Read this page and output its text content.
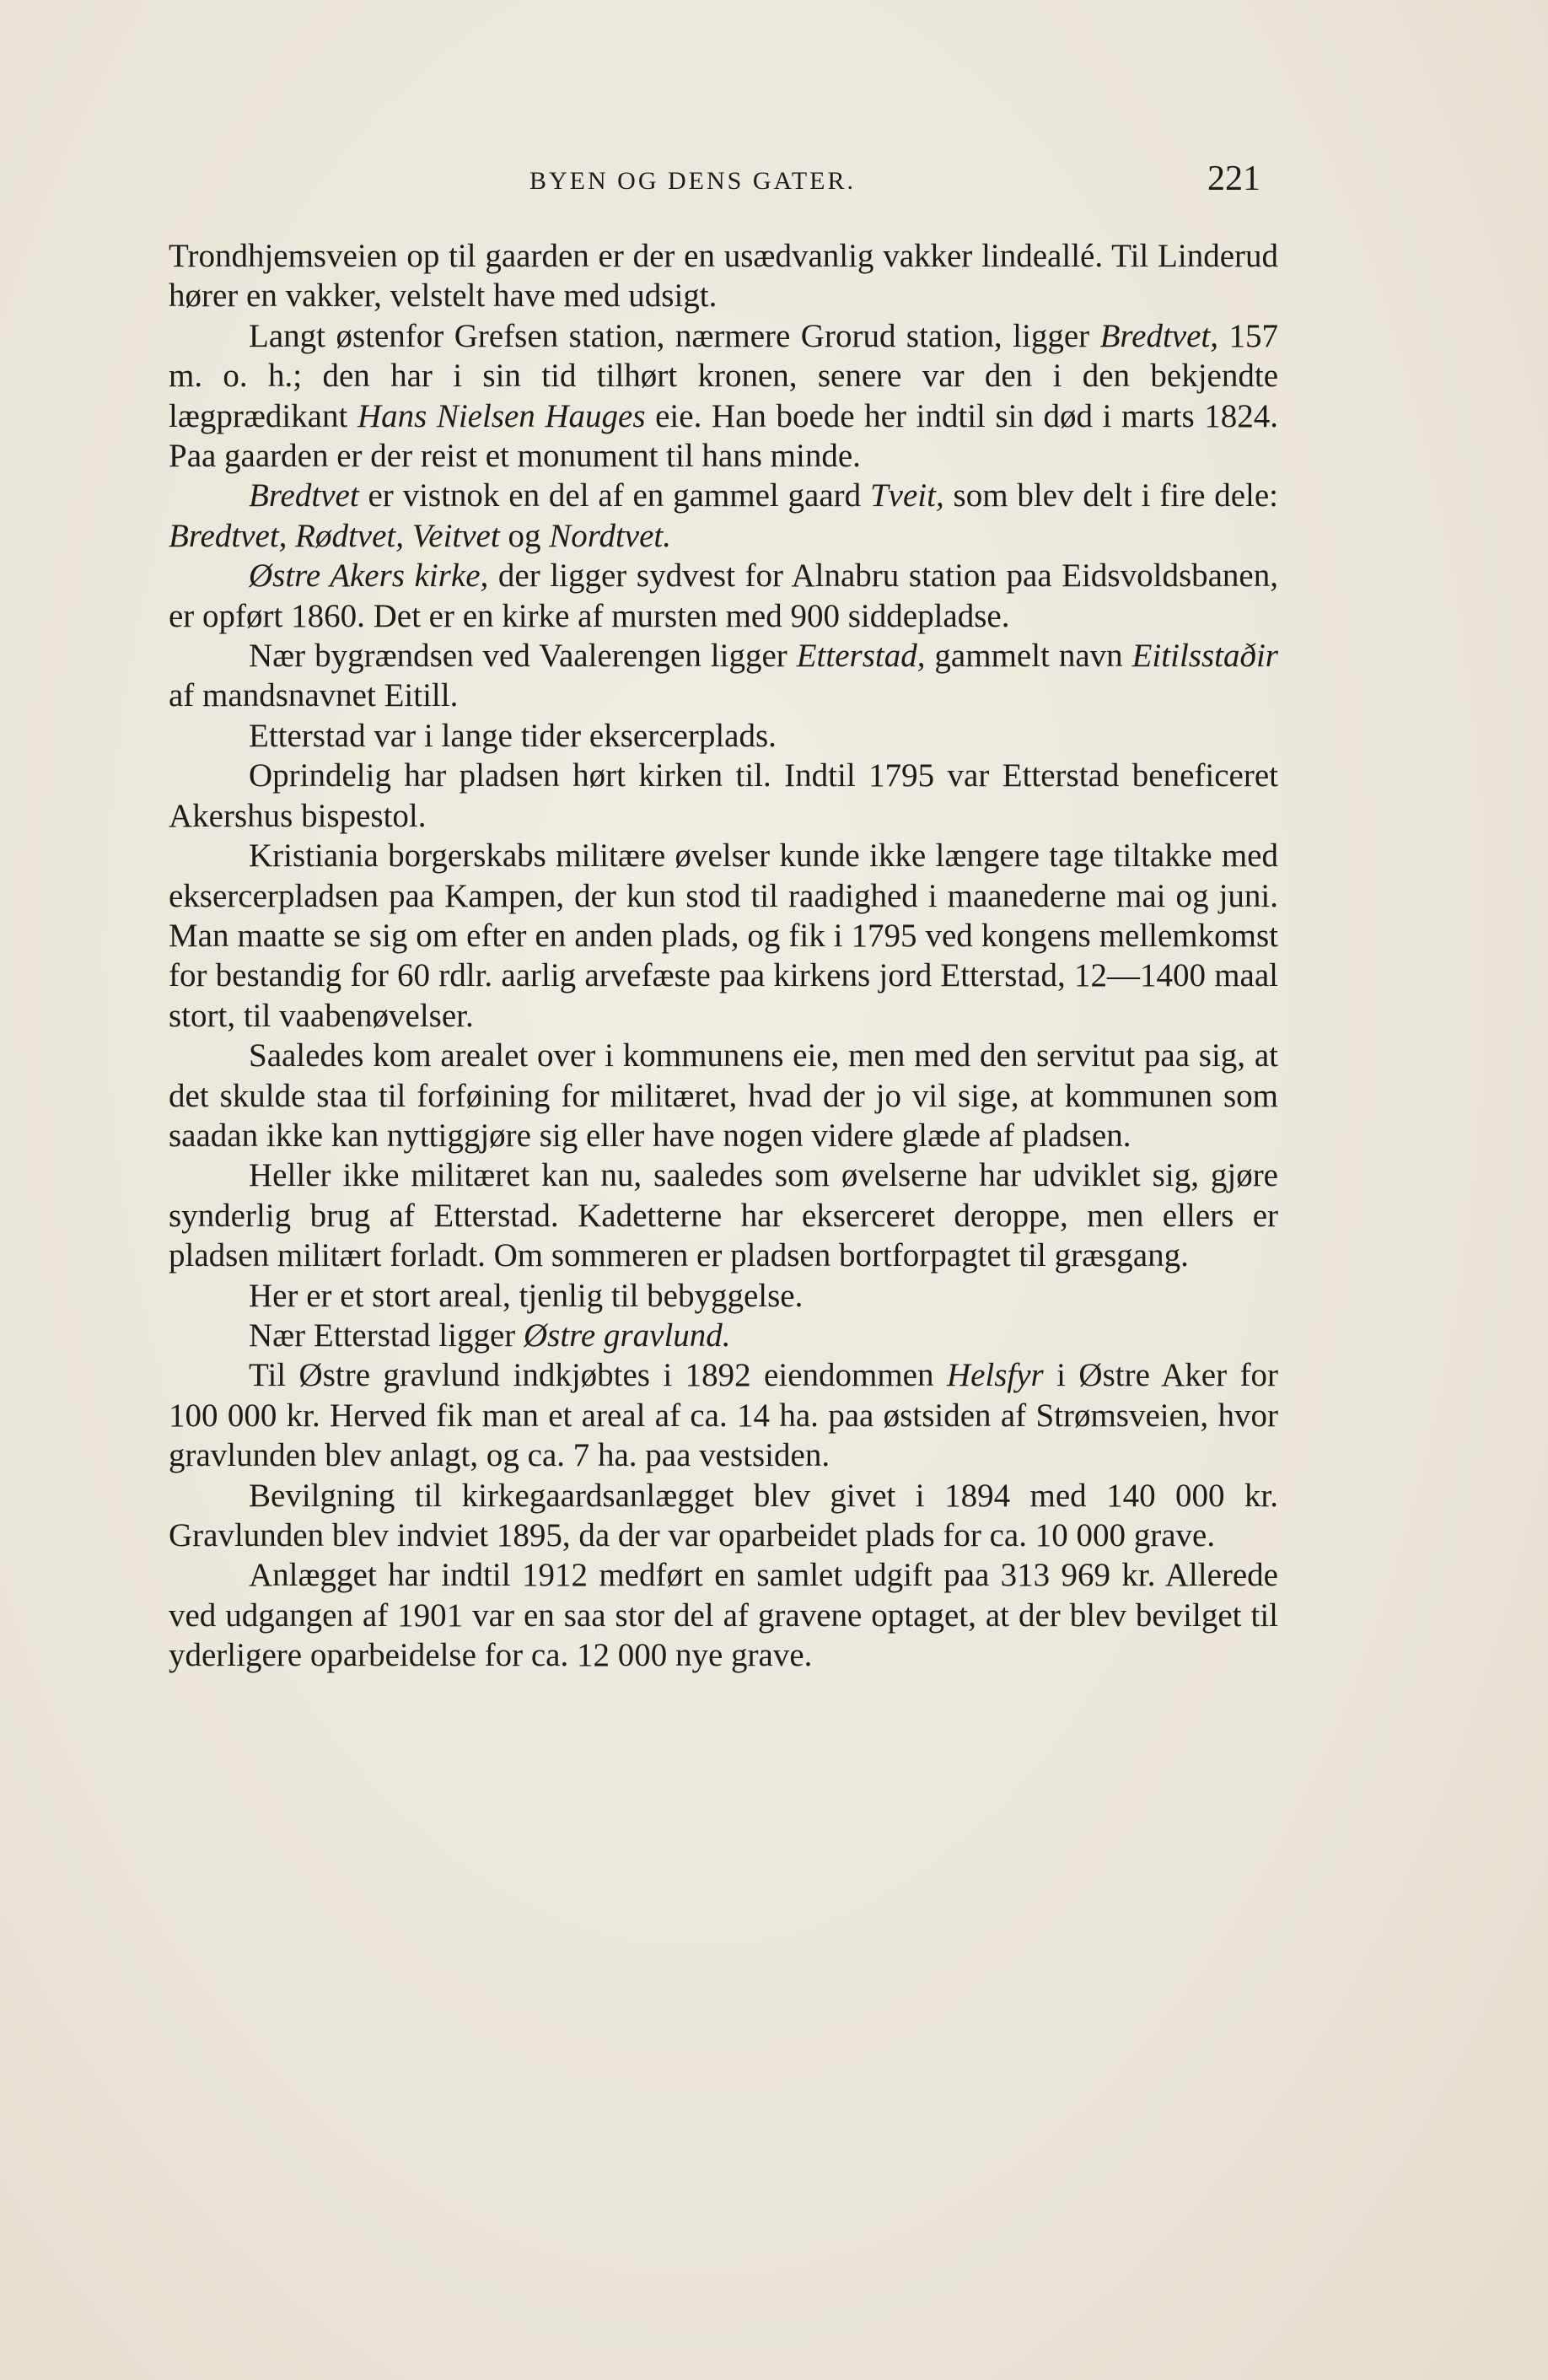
BYEN OG DENS GATER.	221

Trondhjemsveien op til gaarden er der en usædvanlig vakker lindeallé. Til Linderud hører en vakker, velstelt have med udsigt.

Langt østenfor Grefsen station, nærmere Grorud station, ligger Bredtvet, 157 m. o. h.; den har i sin tid tilhørt kronen, senere var den i den bekjendte lægprædikant Hans Nielsen Hauges eie. Han boede her indtil sin død i marts 1824. Paa gaarden er der reist et monument til hans minde.

Bredtvet er vistnok en del af en gammel gaard Tveit, som blev delt i fire dele: Bredtvet, Rødtvet, Veitvet og Nordtvet.

Østre Akers kirke, der ligger sydvest for Alnabru station paa Eidsvoldsbanen, er opført 1860. Det er en kirke af mursten med 900 siddepladse.

Nær bygrændsen ved Vaalerengen ligger Etterstad, gammelt navn Eitilsstaðir af mandsnavnet Eitill.

Etterstad var i lange tider eksercerplads.

Oprindelig har pladsen hørt kirken til. Indtil 1795 var Etterstad beneficeret Akershus bispestol.

Kristiania borgerskabs militære øvelser kunde ikke længere tage tiltakke med eksercerpladsen paa Kampen, der kun stod til raadighed i maanederne mai og juni. Man maatte se sig om efter en anden plads, og fik i 1795 ved kongens mellemkomst for bestandig for 60 rdlr. aarlig arvefæste paa kirkens jord Etterstad, 12—1400 maal stort, til vaabenøvelser.

Saaledes kom arealet over i kommunens eie, men med den servitut paa sig, at det skulde staa til forføining for militæret, hvad der jo vil sige, at kommunen som saadan ikke kan nyttiggjøre sig eller have nogen videre glæde af pladsen.

Heller ikke militæret kan nu, saaledes som øvelserne har udviklet sig, gjøre synderlig brug af Etterstad. Kadetterne har ekserceret deroppe, men ellers er pladsen militært forladt. Om sommeren er pladsen bortforpagtet til græsgang.

Her er et stort areal, tjenlig til bebyggelse.

Nær Etterstad ligger Østre gravlund.

Til Østre gravlund indkjøbtes i 1892 eiendommen Helsfyr i Østre Aker for 100 000 kr. Herved fik man et areal af ca. 14 ha. paa østsiden af Strømsveien, hvor gravlunden blev anlagt, og ca. 7 ha. paa vestsiden.

Bevilgning til kirkegaardsanlægget blev givet i 1894 med 140 000 kr. Gravlunden blev indviet 1895, da der var oparbeidet plads for ca. 10 000 grave.

Anlægget har indtil 1912 medført en samlet udgift paa 313 969 kr. Allerede ved udgangen af 1901 var en saa stor del af gravene optaget, at der blev bevilget til yderligere oparbeidelse for ca. 12 000 nye grave.
